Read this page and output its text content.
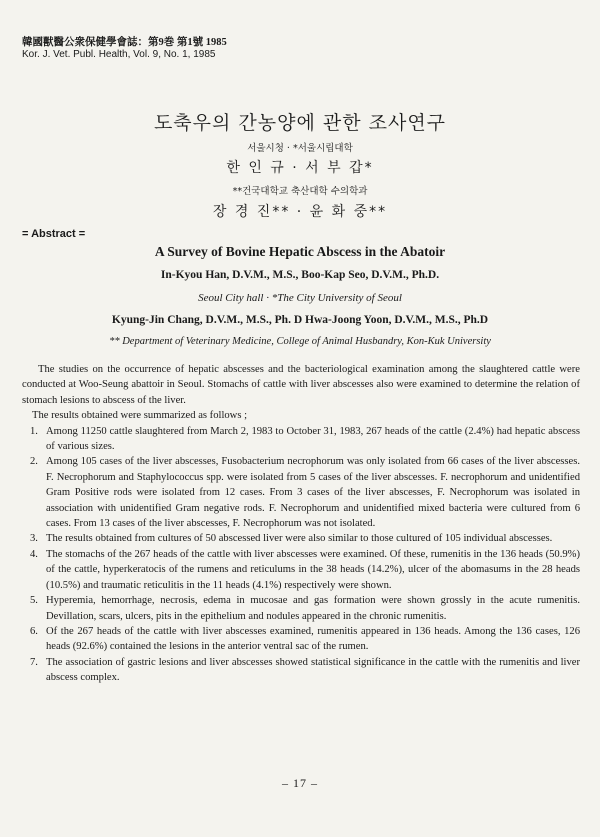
韓國獸醫公衆保健學會誌：第9巻 第1號 1985
Kor. J. Vet. Publ. Health, Vol. 9, No. 1, 1985
도축우의 간농양에 관한 조사연구
서울시청 · *서울시립대학
한 인 규 · 서 부 갑*
**건국대학교 축산대학 수의학과
장 경 진** · 윤 화 중**
= Abstract =
A Survey of Bovine Hepatic Abscess in the Abatoir
In-Kyou Han, D.V.M., M.S., Boo-Kap Seo, D.V.M., Ph.D.
Seoul City hall · *The City University of Seoul
Kyung-Jin Chang, D.V.M., M.S., Ph. D Hwa-Joong Yoon, D.V.M., M.S., Ph.D
** Department of Veterinary Medicine, College of Animal Husbandry, Kon-Kuk University

The studies on the occurrence of hepatic abscesses and the bacteriological examination among the slaughtered cattle were conducted at Woo-Seung abattoir in Seoul. Stomachs of cattle with liver abscesses also were examined to determine the relation of stomach lesions to abscess of the liver.

The results obtained were summarized as follows ;

1. Among 11250 cattle slaughtered from March 2, 1983 to October 31, 1983, 267 heads of the cattle (2.4%) had hepatic abscess of various sizes.
2. Among 105 cases of the liver abscesses, Fusobacterium necrophorum was only isolated from 66 cases of the liver abscesses. F. Necrophorum and Staphylococcus spp. were isolated from 5 cases of the liver abscesses. F. necrophorum and unidentified Gram Positive rods were isolated from 12 cases. From 3 cases of the liver abscesses, F. Necrophorum was isolated in association with unidentified Gram negative rods. F. Necrophorum and unidentified mixed bacteria were cultured from 6 cases. From 13 cases of the liver abscesses, F. Necrophorum was not isolated.
3. The results obtained from cultures of 50 abscessed liver were also similar to those cultured of 105 individual abscesses.
4. The stomachs of the 267 heads of the cattle with liver abscesses were examined. Of these, rumenitis in the 136 heads (50.9%) of the cattle, hyperkeratocis of the rumens and reticulums in the 38 heads (14.2%), ulcer of the abomasums in the 28 heads (10.5%) and traumatic reticulitis in the 11 heads (4.1%) respectively were shown.
5. Hyperemia, hemorrhage, necrosis, edema in mucosae and gas formation were shown grossly in the acute rumenitis. Devillation, scars, ulcers, pits in the epithelium and nodules appeared in the chronic rumenitis.
6. Of the 267 heads of the cattle with liver abscesses examined, rumenitis appeared in 136 heads. Among the 136 cases, 126 heads (92.6%) contained the lesions in the anterior ventral sac of the rumen.
7. The association of gastric lesions and liver abscesses showed statistical significance in the cattle with the rumenitis and liver abscess complex.
– 17 –
